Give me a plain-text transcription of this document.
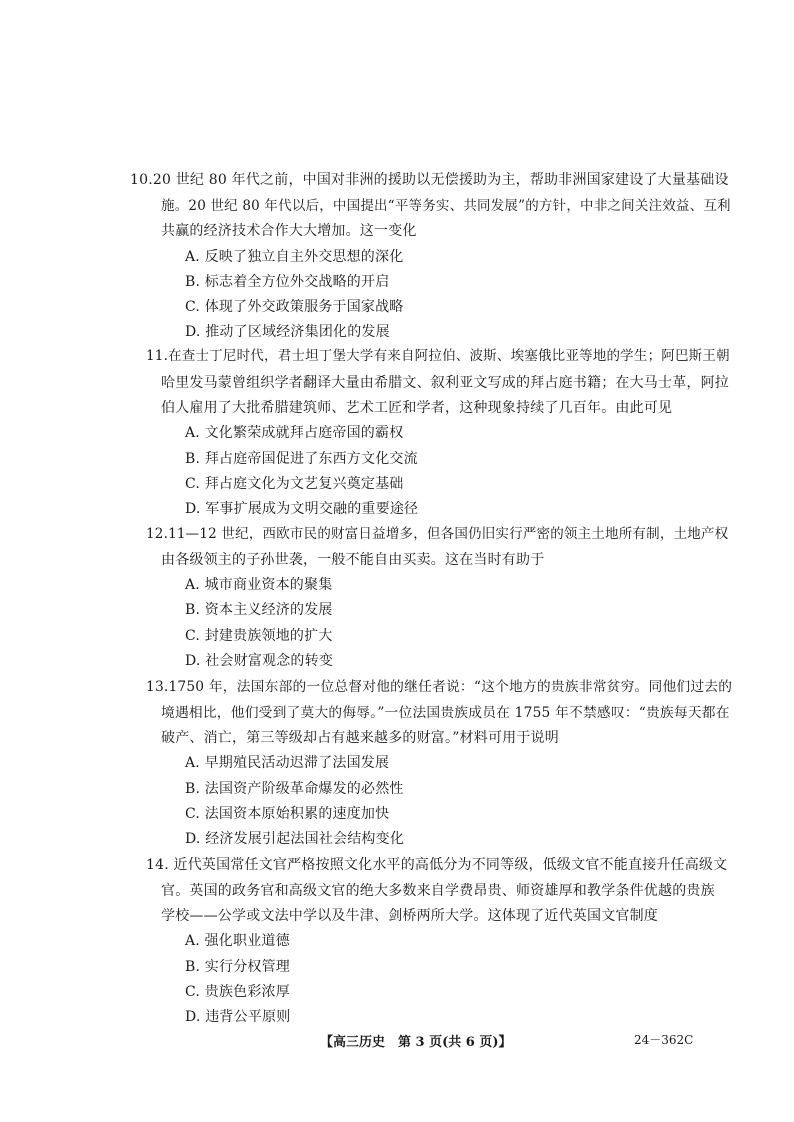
10.20 世纪 80 年代之前，中国对非洲的援助以无偿援助为主，帮助非洲国家建设了大量基础设
施。20 世纪 80 年代以后，中国提出“平等务实、共同发展”的方针，中非之间关注效益、互利
共赢的经济技术合作大大增加。这一变化
A. 反映了独立自主外交思想的深化
B. 标志着全方位外交战略的开启
C. 体现了外交政策服务于国家战略
D. 推动了区域经济集团化的发展
11.在查士丁尼时代，君士坦丁堡大学有来自阿拉伯、波斯、埃塞俄比亚等地的学生；阿巴斯王朝
哈里发马蒙曾组织学者翻译大量由希腊文、叙利亚文写成的拜占庭书籍；在大马士革，阿拉
伯人雇用了大批希腊建筑师、艺术工匠和学者，这种现象持续了几百年。由此可见
A. 文化繁荣成就拜占庭帝国的霸权
B. 拜占庭帝国促进了东西方文化交流
C. 拜占庭文化为文艺复兴奠定基础
D. 军事扩展成为文明交融的重要途径
12.11—12 世纪，西欧市民的财富日益增多，但各国仍旧实行严密的领主土地所有制，土地产权
由各级领主的子孙世袭，一般不能自由买卖。这在当时有助于
A. 城市商业资本的聚集
B. 资本主义经济的发展
C. 封建贵族领地的扩大
D. 社会财富观念的转变
13.1750 年，法国东部的一位总督对他的继任者说：“这个地方的贵族非常贫穷。同他们过去的
境遇相比，他们受到了莫大的侮辱。”一位法国贵族成员在 1755 年不禁感叹：“贵族每天都在
破产、消亡，第三等级却占有越来越多的财富。”材料可用于说明
A. 早期殖民活动迟滞了法国发展
B. 法国资产阶级革命爆发的必然性
C. 法国资本原始积累的速度加快
D. 经济发展引起法国社会结构变化
14. 近代英国常任文官严格按照文化水平的高低分为不同等级，低级文官不能直接升任高级文
官。英国的政务官和高级文官的绝大多数来自学费昂贵、师资雄厚和教学条件优越的贵族
学校——公学或文法中学以及牛津、剑桥两所大学。这体现了近代英国文官制度
A. 强化职业道德
B. 实行分权管理
C. 贵族色彩浓厚
D. 违背公平原则
【高三历史　第 3 页(共 6 页)】	24－362C
